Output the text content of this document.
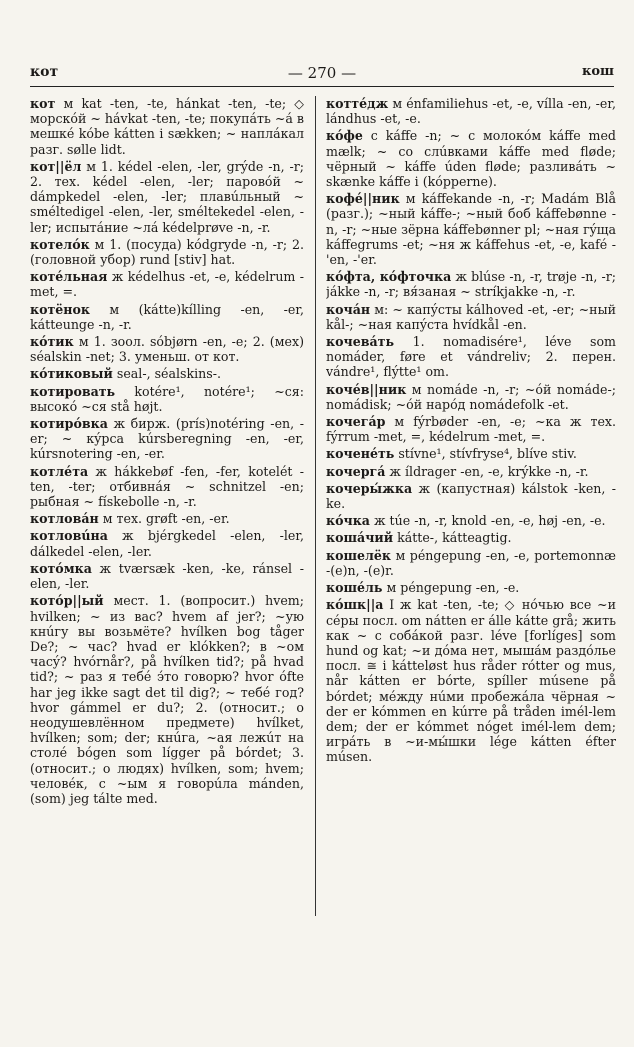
кот	— 270 —	кош

кот м kat -ten, -te, hánkat -ten, -te; ◇ морскóй ~ hávkat -ten, -te; покупáть ~á в мешкé kóbe kátten i sækken; ~ наплáкал разг. sølle lidt.

кот||ёл м 1. kédel -elen, -ler, grýde -n, -r; 2. тех. kédel -elen, -ler; паровóй ~ dámpkedel -elen, -ler; плавúльный ~ sméltedigel -elen, -ler, sméltekedel -elen, -ler; испытáние ~лá kédelprøve -n, -r.

котелóк м 1. (посуда) kódgryde -n, -r; 2. (головной убор) rund [stiv] hat.

котéльная ж kédelhus -et, -e, kédelrum -met, =.

котёнок м (kátte)kílling -en, -er, kátteunge -n, -r.

кóтик м 1. зоол. sóbjørn -en, -e; 2. (мех) séalskin -net; 3. уменьш. от кот.

кóтиковый seal-, séalskins-.

котировать kotére¹, notére¹; ~ся: высокó ~ся stå højt.

котирóвка ж бирж. (prís)notéring -en, -er; ~ кýрса kúrsberegning -en, -er, kúrsnotering -en, -er.

котлéта ж hákkebøf -fen, -fer, kotelét -ten, -ter; отбивнáя ~ schnitzel -en; рыбная ~ fískebolle -n, -r.

котловáн м тех. grøft -en, -er.

котловúна ж bjérgkedel -elen, -ler, dálkedel -elen, -ler.

котóмка ж tværsæk -ken, -ke, ránsel -elen, -ler.

котóр||ый мест. 1. (вопросит.) hvem; hvilken; ~ из вас? hvem af jer?; ~ую кнúгу вы возьмёте? hvílken bog tåger De?; ~ час? hvad er klókken?; в ~ом часý? hvórnår?, på hvílken tid?; på hvad tid?; ~ раз я тебé э́то говорю? hvor ófte har jeg ikke sagt det til dig?; ~ тебé год? hvor gámmel er du?; 2. (относит.; о неодушевлённом предмете) hvílket, hvílken; som; der; кнúга, ~ая лежúт на столé bógen som lígger på bórdet; 3. (относит.; о людях) hvílken, som; hvem; человéк, с ~ым я говорúла mánden, (som) jeg tálte med.

коттéдж м énfamiliehus -et, -e, vílla -en, -er, lándhus -et, -e.

кóфе с káffe -n; ~ с молокóм káffe med mælk; ~ со слúвками káffe med fløde; чёрный ~ káffe úden fløde; разливáть ~ skænke káffe i (kópperne).

кофé||ник м káffekande -n, -r; Madám Blå (разг.); ~ный káffe-; ~ный боб káffebønne -n, -r; ~ные зёрна káffebønner pl; ~ная гýща káffegrums -et; ~ня ж káffehus -et, -e, kafé -'en, -'er.

кóфта, кóфточка ж blúse -n, -r, trøje -n, -r; jákke -n, -r; вя́заная ~ stríkjakke -n, -r.

кочáн м: ~ капýсты kálhoved -et, -er; ~ный kål-; ~ная капýста hvídkål -en.

кочевáть 1. nomadisére¹, léve som nomáder, føre et vándreliv; 2. перен. vándre¹, flýtte¹ om.

кочéв||ник м nomáde -n, -r; ~óй nomáde-; nomádisk; ~óй нарóд nomádefolk -et.

кочегáр м fýrbøder -en, -e; ~ка ж тех. fýrrum -met, =, kédelrum -met, =.

коченéть stívne¹, stívfryse⁴, blíve stiv.

кочергá ж íldrager -en, -e, krýkke -n, -r.

кочеры́жка ж (капустная) kálstok -ken, -ke.

кóчка ж túe -n, -r, knold -en, -e, høj -en, -e.

кошáчий kátte-, kátteagtig.

кошелёк м péngepung -en, -e, portemonnæ -(e)n, -(e)r.

кошéль м péngepung -en, -e.

кóшк||а I ж kat -ten, -te; ◇ нóчью все ~и сéры посл. om nátten er álle kátte grå; жить как ~ с собáкой разг. léve [forlíges] som hund og kat; ~и дóма нет, мыша́м раздóлье посл. ≅ i kátteløst hus råder rótter og mus, når kátten er bórte, spíller músene på bórdet; мéжду нúми пробежáла чёрная ~ der er kómmen en kúrre på tråden imél-lem dem; der er kómmet nóget imél-lem dem; игрáть в ~и-мы́шки lége kátten éfter músen.
